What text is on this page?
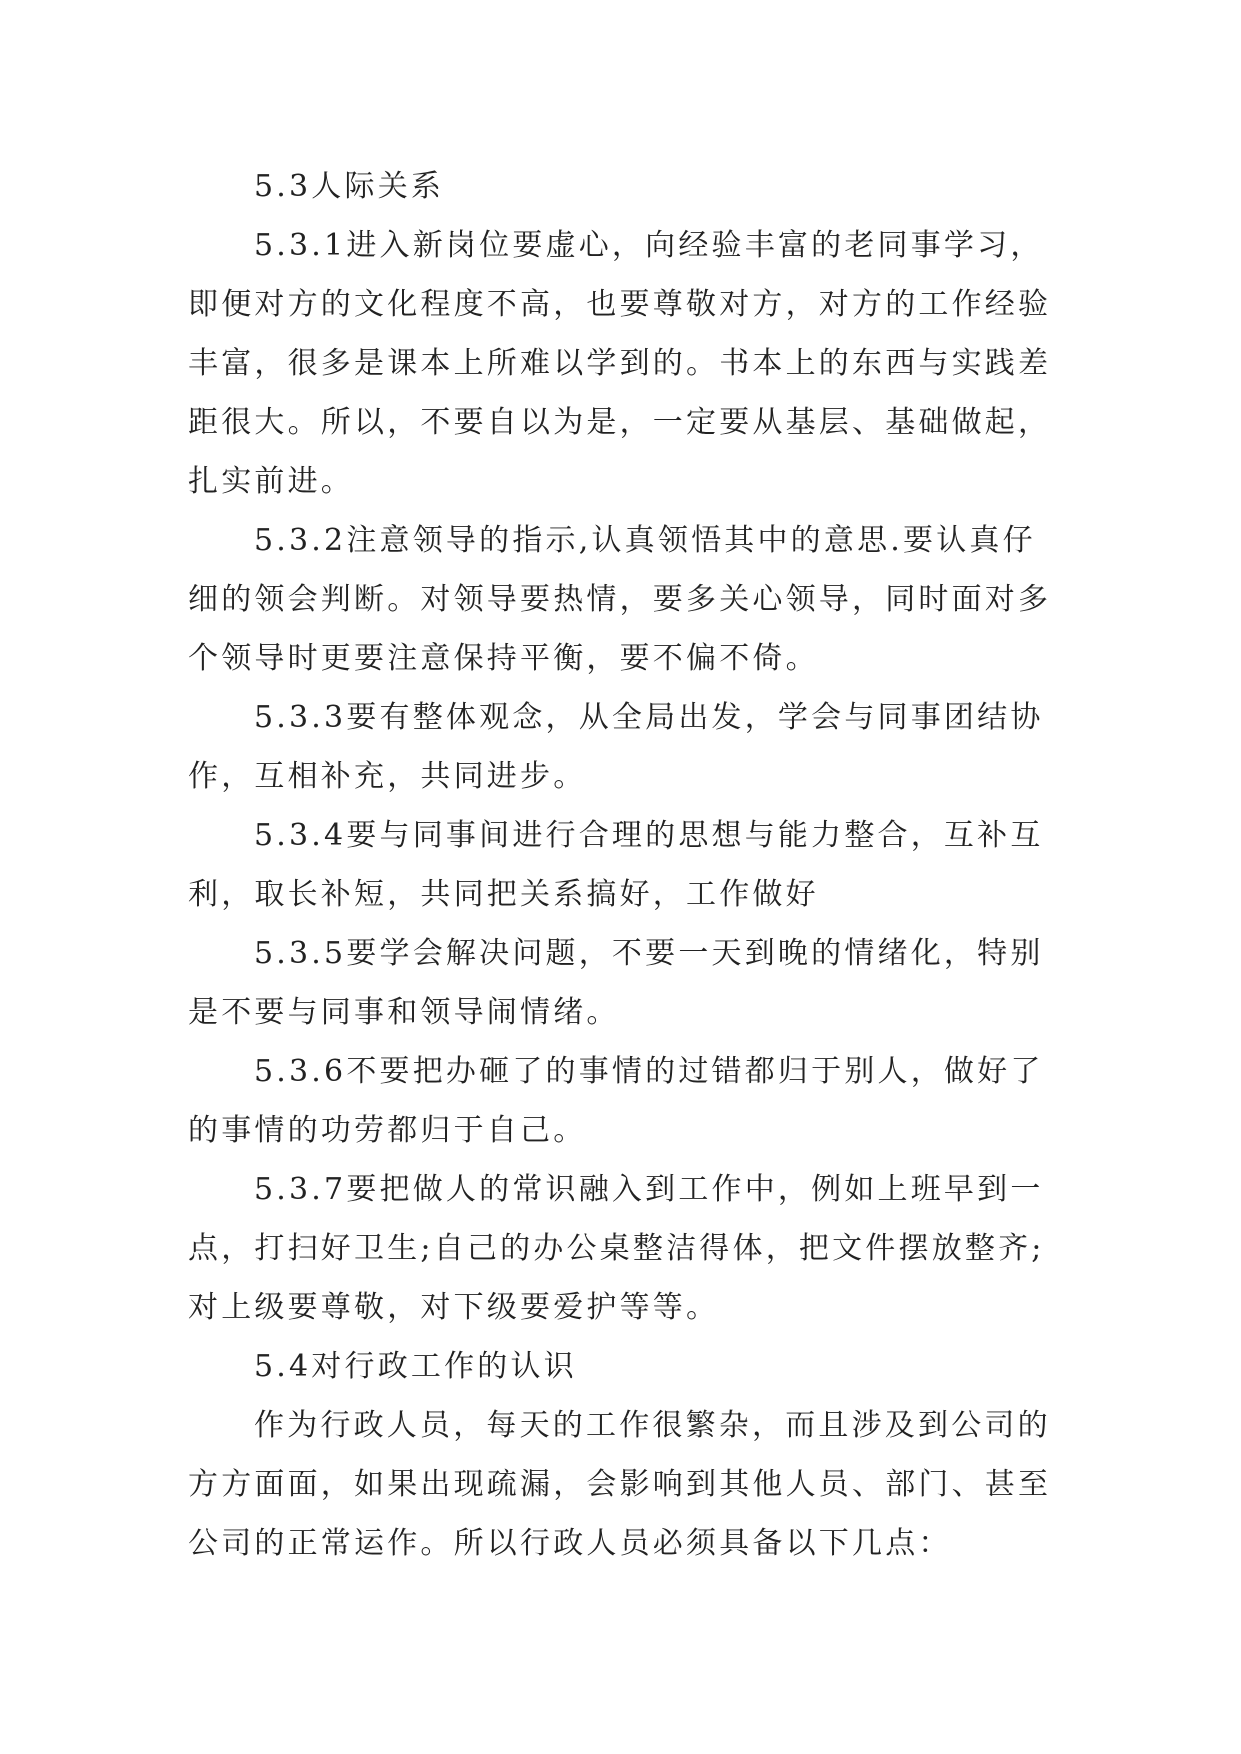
5.3人际关系
5.3.1进入新岗位要虚心，向经验丰富的老同事学习，
即便对方的文化程度不高，也要尊敬对方，对方的工作经验
丰富，很多是课本上所难以学到的。书本上的东西与实践差
距很大。所以，不要自以为是，一定要从基层、基础做起，
扎实前进。
5.3.2注意领导的指示,认真领悟其中的意思.要认真仔
细的领会判断。对领导要热情，要多关心领导，同时面对多
个领导时更要注意保持平衡，要不偏不倚。
5.3.3要有整体观念，从全局出发，学会与同事团结协
作，互相补充，共同进步。
5.3.4要与同事间进行合理的思想与能力整合，互补互
利，取长补短，共同把关系搞好，工作做好
5.3.5要学会解决问题，不要一天到晚的情绪化，特别
是不要与同事和领导闹情绪。
5.3.6不要把办砸了的事情的过错都归于别人，做好了
的事情的功劳都归于自己。
5.3.7要把做人的常识融入到工作中，例如上班早到一
点，打扫好卫生;自己的办公桌整洁得体，把文件摆放整齐;
对上级要尊敬，对下级要爱护等等。
5.4对行政工作的认识
作为行政人员，每天的工作很繁杂，而且涉及到公司的
方方面面，如果出现疏漏，会影响到其他人员、部门、甚至
公司的正常运作。所以行政人员必须具备以下几点：
